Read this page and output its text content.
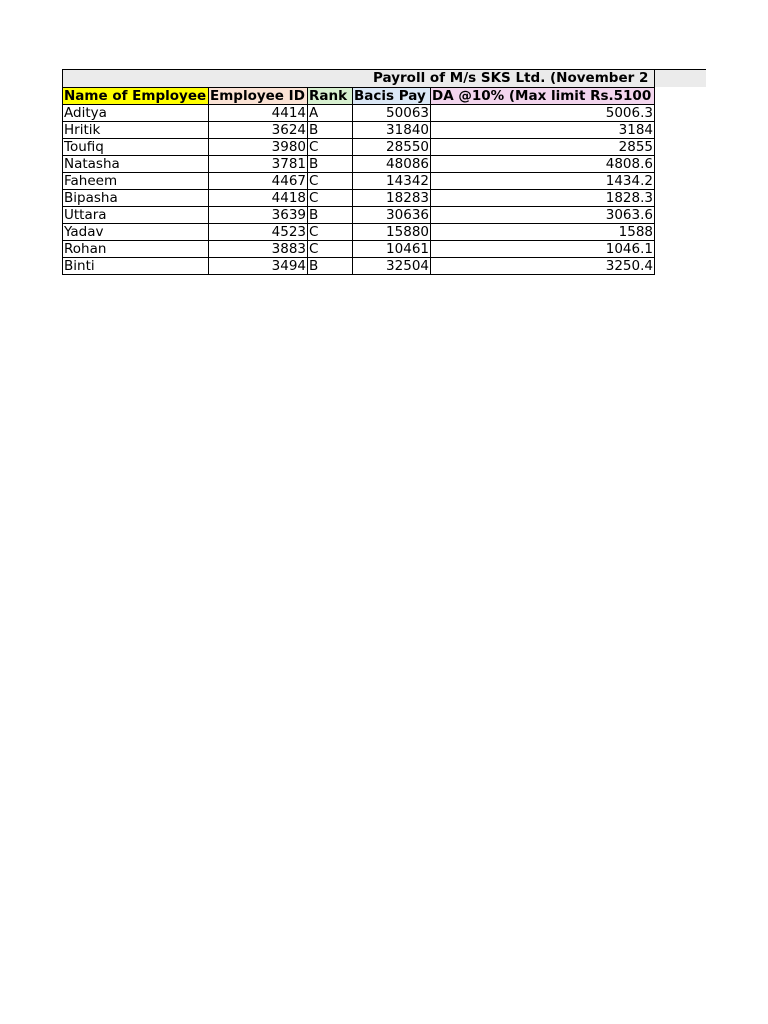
Payroll of M/s SKS Ltd. (November 2
Name of Employee	Employee ID	Rank	Bacis Pay	DA @10% (Max limit Rs.5100
Aditya	4414	A	50063	5006.3
Hritik	3624	B	31840	3184
Toufiq	3980	C	28550	2855
Natasha	3781	B	48086	4808.6
Faheem	4467	C	14342	1434.2
Bipasha	4418	C	18283	1828.3
Uttara	3639	B	30636	3063.6
Yadav	4523	C	15880	1588
Rohan	3883	C	10461	1046.1
Binti	3494	B	32504	3250.4
